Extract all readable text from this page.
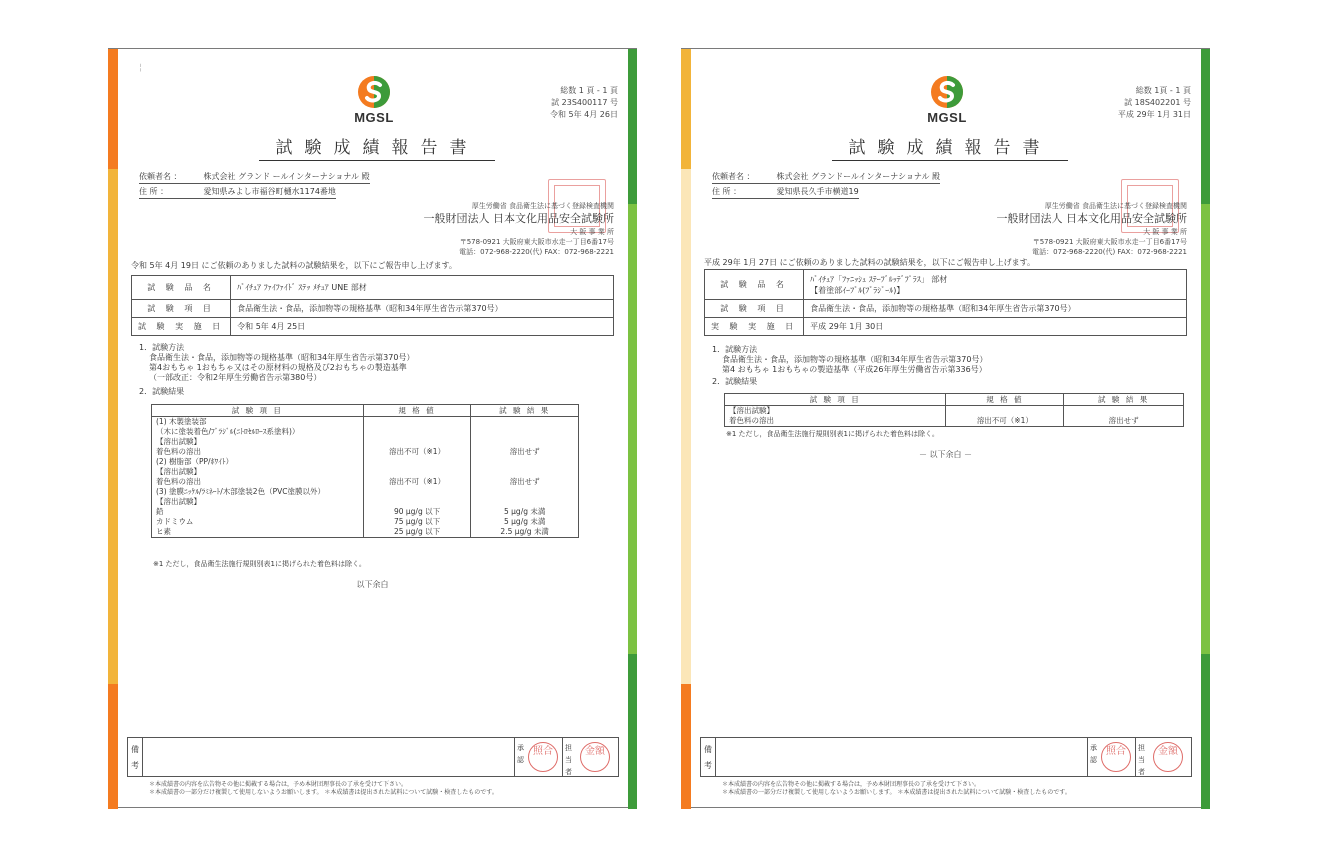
¦
MGSL
総数 1 頁 - 1 頁
試 23S400117 号
令和 5年 4月 26日
試験成績報告書
依頼者名 ：	株式会社 グランド ールインターナショナル 殿
住 所 ：	愛知県みよし市福谷町樋水1174番地
厚生労働省 食品衛生法に基づく登録検査機関
一般財団法人 日本文化用品安全試験所
大 阪 事 業 所
〒578-0921 大阪府東大阪市水走一丁目6番17号
電話：072-968-2220(代) FAX：072-968-2221
令和 5年 4月 19日 にご依頼のありました試料の試験結果を，以下にご報告申し上げます。
試 験 品 名	ﾊﾞｲﾁｭｱ ﾌｧｲﾌｧｲﾄﾞ ｽﾃｯ ﾒﾁｭｱ UNE 部材
試 験 項 目	食品衛生法・食品，添加物等の規格基準（昭和34年厚生省告示第370号）
試 験 実 施 日	令和 5年 4月 25日
1．試験方法
食品衛生法・食品，添加物等の規格基準（昭和34年厚生省告示第370号）
第4おもちゃ 1おもちゃ又はその原材料の規格及び2おもちゃの製造基準
（一部改正：令和2年厚生労働省告示第380号）
2．試験結果
試 験 項 目	規 格 値	試 験 結 果
(1) 木製塗装部		
（木に塗装着色/ﾌﾞﾗｼﾞﾙ(ﾆﾄﾛｾﾙﾛｰｽ系塗料)）		
【溶出試験】		
着色料の溶出	溶出不可（※1）	溶出せず

(2) 樹脂部（PP/ﾎﾜｲﾄ）		
【溶出試験】		
着色料の溶出	溶出不可（※1）	溶出せず

(3) 塗膜ﾆｯｹﾙ/ﾗﾐﾈｰﾄ/木部塗装2色（PVC塗膜以外）		
【溶出試験】		
鉛	90 μg/g 以下	5 μg/g 未満
カドミウム	75 μg/g 以下	5 μg/g 未満
ヒ素	25 μg/g 以下	2.5 μg/g 未満
※1 ただし，食品衛生法施行規則別表1に掲げられた着色料は除く。
以下余白
備考
承認
照合	担当者
金額
＊本成績書の内容を広告物その他に掲載する場合は，予め本財団理事長の了承を受けて下さい。
＊本成績書の一部分だけ複製して使用しないようお願いします。 ＊本成績書は提出された試料について試験・検査したものです。
MGSL
総数 1頁 - 1 頁
試 18S402201 号
平成 29年 1月 31日
試験成績報告書
依頼者名 ：	株式会社 グランドールインターナショナル 殿
住 所 ：	愛知県長久手市横道19
厚生労働省 食品衛生法に基づく登録検査機関
一般財団法人 日本文化用品安全試験所
大 阪 事 業 所
〒578-0921 大阪府東大阪市水走一丁目6番17号
電話：072-968-2220(代) FAX：072-968-2221
平成 29年 1月 27日 にご依頼のありました試料の試験結果を，以下にご報告申し上げます。
試 験 品 名	ﾊﾞｲﾁｭｱ「ﾌｧﾆｯｼｭ ｽﾃｰﾌﾞﾙｯﾃﾞﾌﾟﾗｽ」 部材
【着塗部ｲｰﾌﾞﾙ(ﾌﾞﾗｼﾞｰﾙ)】
試 験 項 目	食品衛生法・食品，添加物等の規格基準（昭和34年厚生省告示第370号）
実 験 実 施 日	平成 29年 1月 30日
1．試験方法
食品衛生法・食品，添加物等の規格基準（昭和34年厚生省告示第370号）
第4 おもちゃ 1おもちゃの製造基準（平成26年厚生労働省告示第336号）
2．試験結果
試 験 項 目	規 格 値	試 験 結 果
【溶出試験】		
着色料の溶出	溶出不可（※1）	溶出せず
※1 ただし，食品衛生法施行規則別表1に掲げられた着色料は除く。
－ 以下余白 －
備考
承認
照合	担当者
金額
＊本成績書の内容を広告物その他に掲載する場合は，予め本財団理事長の了承を受けて下さい。
＊本成績書の一部分だけ複製して使用しないようお願いします。 ＊本成績書は提出された試料について試験・検査したものです。
